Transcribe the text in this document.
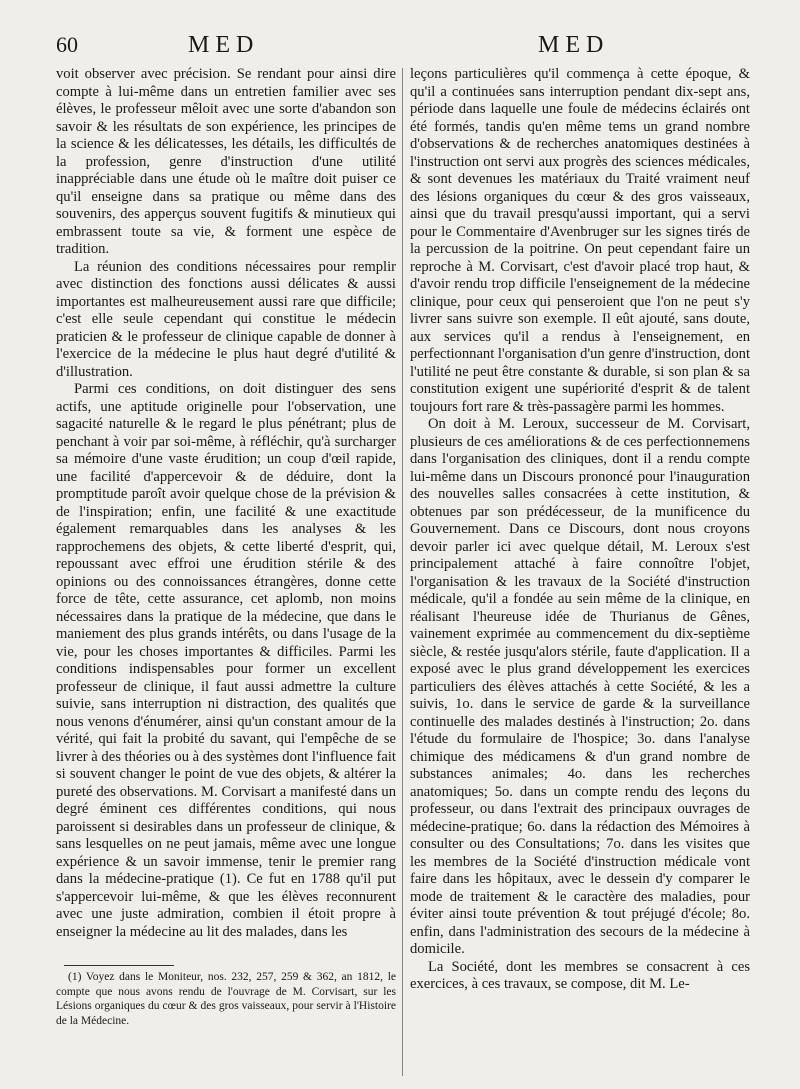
60	MED	MED

voit observer avec précision. Se rendant pour ainsi dire compte à lui-même dans un entretien familier avec ses élèves, le professeur mêloit avec une sorte d'abandon son savoir & les résultats de son expérience, les principes de la science & les délicatesses, les détails, les difficultés de la profession, genre d'instruction d'une utilité inappréciable dans une étude où le maître doit puiser ce qu'il enseigne dans sa pratique ou même dans des souvenirs, des apperçus souvent fugitifs & minutieux qui embrassent toute sa vie, & forment une espèce de tradition.

La réunion des conditions nécessaires pour remplir avec distinction des fonctions aussi délicates & aussi importantes est malheureusement aussi rare que difficile; c'est elle seule cependant qui constitue le médecin praticien & le professeur de clinique capable de donner à l'exercice de la médecine le plus haut degré d'utilité & d'illustration.

Parmi ces conditions, on doit distinguer des sens actifs, une aptitude originelle pour l'observation, une sagacité naturelle & le regard le plus pénétrant; plus de penchant à voir par soi-même, à réfléchir, qu'à surcharger sa mémoire d'une vaste érudition; un coup d'œil rapide, une facilité d'appercevoir & de déduire, dont la promptitude paroît avoir quelque chose de la prévision & de l'inspiration; enfin, une facilité & une exactitude également remarquables dans les analyses & les rapprochemens des objets, & cette liberté d'esprit, qui, repoussant avec effroi une érudition stérile & des opinions ou des connoissances étrangères, donne cette force de tête, cette assurance, cet aplomb, non moins nécessaires dans la pratique de la médecine, que dans le maniement des plus grands intérêts, ou dans l'usage de la vie, pour les choses importantes & difficiles. Parmi les conditions indispensables pour former un excellent professeur de clinique, il faut aussi admettre la culture suivie, sans interruption ni distraction, des qualités que nous venons d'énumérer, ainsi qu'un constant amour de la vérité, qui fait la probité du savant, qui l'empêche de se livrer à des théories ou à des systèmes dont l'influence fait si souvent changer le point de vue des objets, & altérer la pureté des observations. M. Corvisart a manifesté dans un degré éminent ces différentes conditions, qui nous paroissent si desirables dans un professeur de clinique, & sans lesquelles on ne peut jamais, même avec une longue expérience & un savoir immense, tenir le premier rang dans la médecine-pratique (1). Ce fut en 1788 qu'il put s'appercevoir lui-même, & que les élèves reconnurent avec une juste admiration, combien il étoit propre à enseigner la médecine au lit des malades, dans les

leçons particulières qu'il commença à cette époque, & qu'il a continuées sans interruption pendant dix-sept ans, période dans laquelle une foule de médecins éclairés ont été formés, tandis qu'en même tems un grand nombre d'observations & de recherches anatomiques destinées à l'instruction ont servi aux progrès des sciences médicales, & sont devenues les matériaux du Traité vraiment neuf des lésions organiques du cœur & des gros vaisseaux, ainsi que du travail presqu'aussi important, qui a servi pour le Commentaire d'Avenbruger sur les signes tirés de la percussion de la poitrine. On peut cependant faire un reproche à M. Corvisart, c'est d'avoir placé trop haut, & d'avoir rendu trop difficile l'enseignement de la médecine clinique, pour ceux qui penseroient que l'on ne peut s'y livrer sans suivre son exemple. Il eût ajouté, sans doute, aux services qu'il a rendus à l'enseignement, en perfectionnant l'organisation d'un genre d'instruction, dont l'utilité ne peut être constante & durable, si son plan & sa constitution exigent une supériorité d'esprit & de talent toujours fort rare & très-passagère parmi les hommes.

On doit à M. Leroux, successeur de M. Corvisart, plusieurs de ces améliorations & de ces perfectionnemens dans l'organisation des cliniques, dont il a rendu compte lui-même dans un Discours prononcé pour l'inauguration des nouvelles salles consacrées à cette institution, & obtenues par son prédécesseur, de la munificence du Gouvernement. Dans ce Discours, dont nous croyons devoir parler ici avec quelque détail, M. Leroux s'est principalement attaché à faire connoître l'objet, l'organisation & les travaux de la Société d'instruction médicale, qu'il a fondée au sein même de la clinique, en réalisant l'heureuse idée de Thurianus de Gênes, vainement exprimée au commencement du dix-septième siècle, & restée jusqu'alors stérile, faute d'application. Il a exposé avec le plus grand développement les exercices particuliers des élèves attachés à cette Société, & les a suivis, 1o. dans le service de garde & la surveillance continuelle des malades destinés à l'instruction; 2o. dans l'étude du formulaire de l'hospice; 3o. dans l'analyse chimique des médicamens & d'un grand nombre de substances animales; 4o. dans les recherches anatomiques; 5o. dans un compte rendu des leçons du professeur, ou dans l'extrait des principaux ouvrages de médecine-pratique; 6o. dans la rédaction des Mémoires à consulter ou des Consultations; 7o. dans les visites que les membres de la Société d'instruction médicale vont faire dans les hôpitaux, avec le dessein d'y comparer le mode de traitement & le caractère des maladies, pour éviter ainsi toute prévention & tout préjugé d'école; 8o. enfin, dans l'administration des secours de la médecine à domicile.

La Société, dont les membres se consacrent à ces exercices, à ces travaux, se compose, dit M. Le-

(1) Voyez dans le Moniteur, nos. 232, 257, 259 & 362, an 1812, le compte que nous avons rendu de l'ouvrage de M. Corvisart, sur les Lésions organiques du cœur & des gros vaisseaux, pour servir à l'Histoire de la Médecine.
